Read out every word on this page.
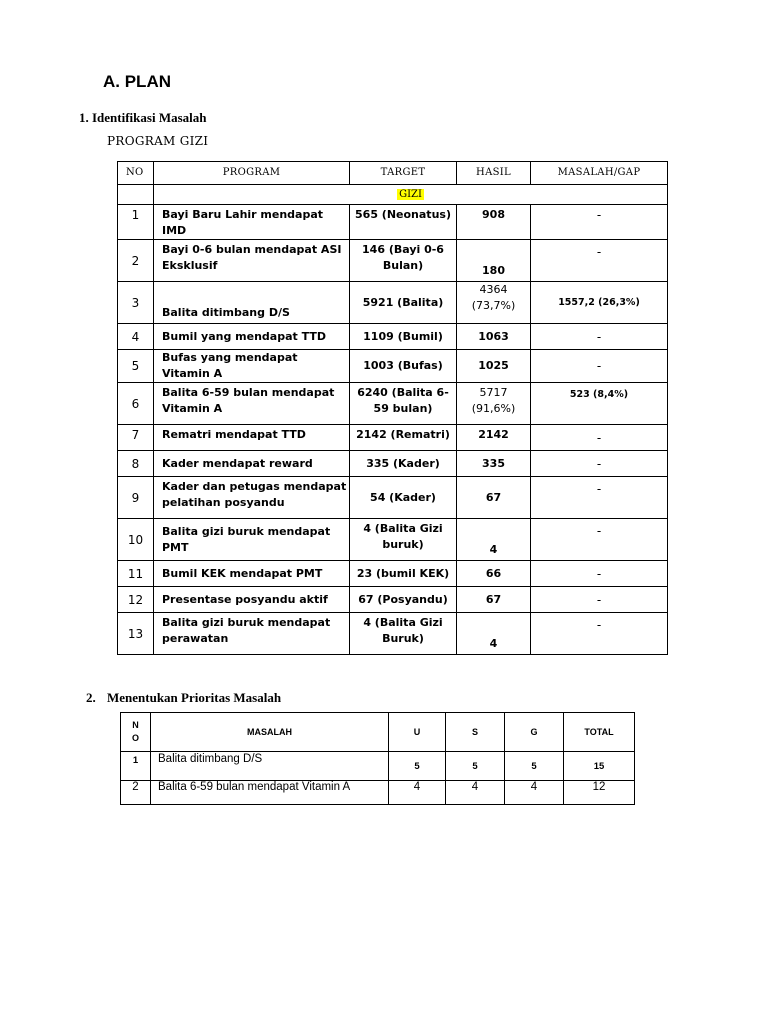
A. PLAN
1. Identifikasi Masalah
PROGRAM GIZI
NO	PROGRAM	TARGET	HASIL	MASALAH/GAP
	GIZI			
1	Bayi Baru Lahir mendapat IMD	565 (Neonatus)	908	-
2	Bayi 0-6 bulan mendapat ASI Eksklusif	146 (Bayi 0-6 Bulan)	180	-
3	Balita ditimbang D/S	5921 (Balita)	4364 (73,7%)	1557,2 (26,3%)
4	Bumil yang mendapat TTD	1109 (Bumil)	1063	-
5	Bufas yang mendapat Vitamin A	1003 (Bufas)	1025	-
6	Balita 6-59 bulan mendapat Vitamin A	6240 (Balita 6-59 bulan)	5717 (91,6%)	523 (8,4%)
7	Rematri mendapat TTD	2142 (Rematri)	2142	-
8	Kader mendapat reward	335 (Kader)	335	-
9	Kader dan petugas mendapat pelatihan posyandu	54 (Kader)	67	-
10	Balita gizi buruk mendapat PMT	4 (Balita Gizi buruk)	4	-
11	Bumil KEK mendapat PMT	23 (bumil KEK)	66	-
12	Presentase posyandu aktif	67 (Posyandu)	67	-
13	Balita gizi buruk mendapat perawatan	4 (Balita Gizi Buruk)	4	-
2. Menentukan Prioritas Masalah
NO	MASALAH	U	S	G	TOTAL
1	Balita ditimbang D/S	5	5	5	15
2	Balita 6-59 bulan mendapat Vitamin A	4	4	4	12
